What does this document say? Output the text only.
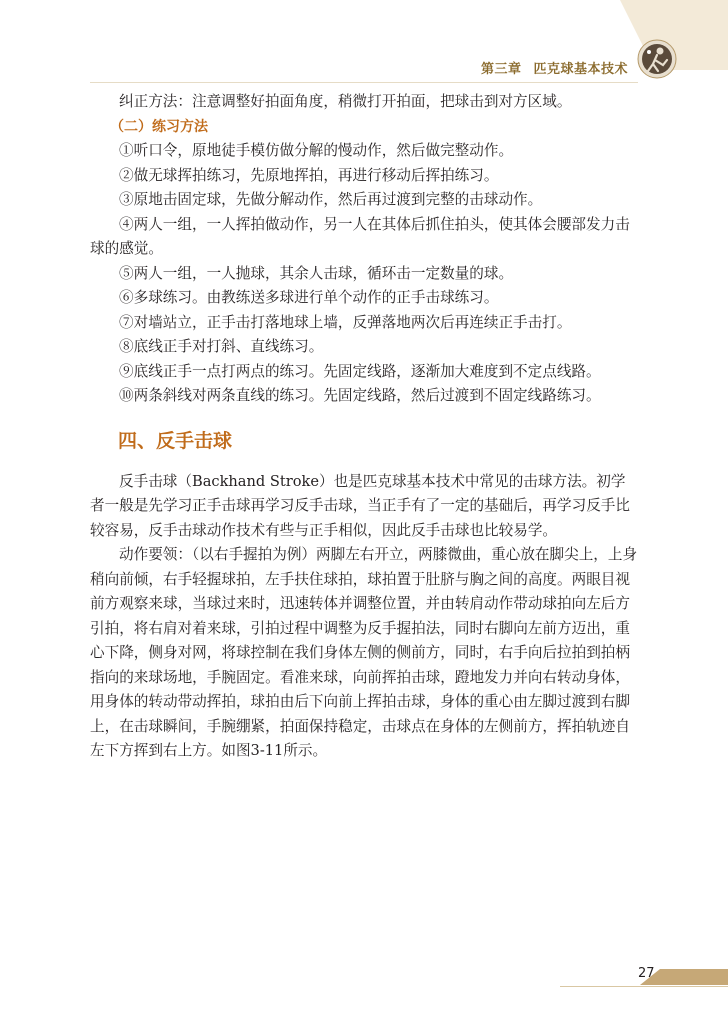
第三章 匹克球基本技术

纠正方法：注意调整好拍面角度，稍微打开拍面，把球击到对方区域。

（二）练习方法

①听口令，原地徒手模仿做分解的慢动作，然后做完整动作。

②做无球挥拍练习，先原地挥拍，再进行移动后挥拍练习。

③原地击固定球，先做分解动作，然后再过渡到完整的击球动作。

④两人一组，一人挥拍做动作，另一人在其体后抓住拍头，使其体会腰部发力击球的感觉。

⑤两人一组，一人抛球，其余人击球，循环击一定数量的球。

⑥多球练习。由教练送多球进行单个动作的正手击球练习。

⑦对墙站立，正手击打落地球上墙，反弹落地两次后再连续正手击打。

⑧底线正手对打斜、直线练习。

⑨底线正手一点打两点的练习。先固定线路，逐渐加大难度到不定点线路。

⑩两条斜线对两条直线的练习。先固定线路，然后过渡到不固定线路练习。

四、反手击球

反手击球（Backhand Stroke）也是匹克球基本技术中常见的击球方法。初学者一般是先学习正手击球再学习反手击球，当正手有了一定的基础后，再学习反手比较容易，反手击球动作技术有些与正手相似，因此反手击球也比较易学。

动作要领：（以右手握拍为例）两脚左右开立，两膝微曲，重心放在脚尖上，上身稍向前倾，右手轻握球拍，左手扶住球拍，球拍置于肚脐与胸之间的高度。两眼目视前方观察来球，当球过来时，迅速转体并调整位置，并由转肩动作带动球拍向左后方引拍，将右肩对着来球，引拍过程中调整为反手握拍法，同时右脚向左前方迈出，重心下降，侧身对网，将球控制在我们身体左侧的侧前方，同时，右手向后拉拍到拍柄指向的来球场地，手腕固定。看准来球，向前挥拍击球，蹬地发力并向右转动身体，用身体的转动带动挥拍，球拍由后下向前上挥拍击球，身体的重心由左脚过渡到右脚上，在击球瞬间，手腕绷紧，拍面保持稳定，击球点在身体的左侧前方，挥拍轨迹自左下方挥到右上方。如图3-11所示。

27
